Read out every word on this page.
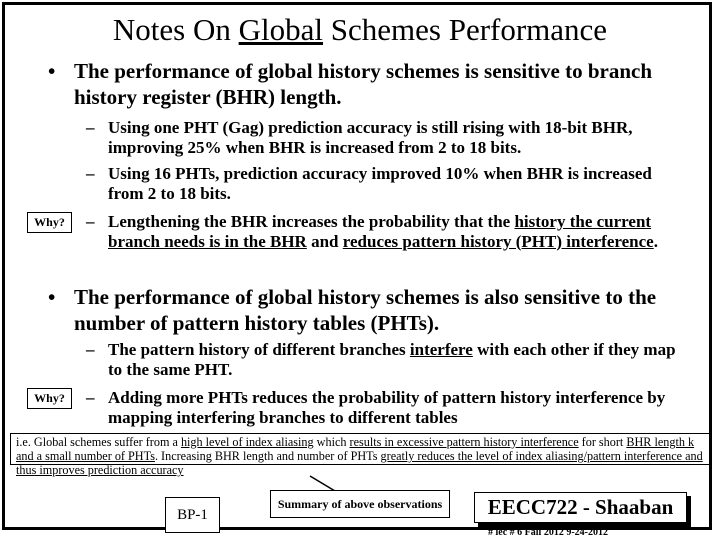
Notes On Global Schemes Performance
• The performance of global history schemes is sensitive to branch history register (BHR) length.
– Using one PHT (Gag) prediction accuracy is still rising with 18-bit BHR, improving 25% when BHR is increased from 2 to 18 bits.
– Using 16 PHTs, prediction accuracy improved 10% when BHR is increased from 2 to 18 bits.
– Lengthening the BHR increases the probability that the history the current branch needs is in the BHR and reduces pattern history (PHT) interference.
Why?
• The performance of global history schemes is also sensitive to the number of pattern history tables (PHTs).
– The pattern history of different branches interfere with each other if they map to the same PHT.
– Adding more PHTs reduces the probability of pattern history interference by mapping interfering branches to different tables
Why?
i.e. Global schemes suffer from a high level of index aliasing which results in excessive pattern history interference for short BHR length k and a small number of PHTs. Increasing BHR length and number of PHTs greatly reduces the level of index aliasing/pattern interference and thus improves prediction accuracy
BP-1
Summary of above observations	EECC722 - Shaaban
# lec # 6 Fall 2012 9-24-2012
